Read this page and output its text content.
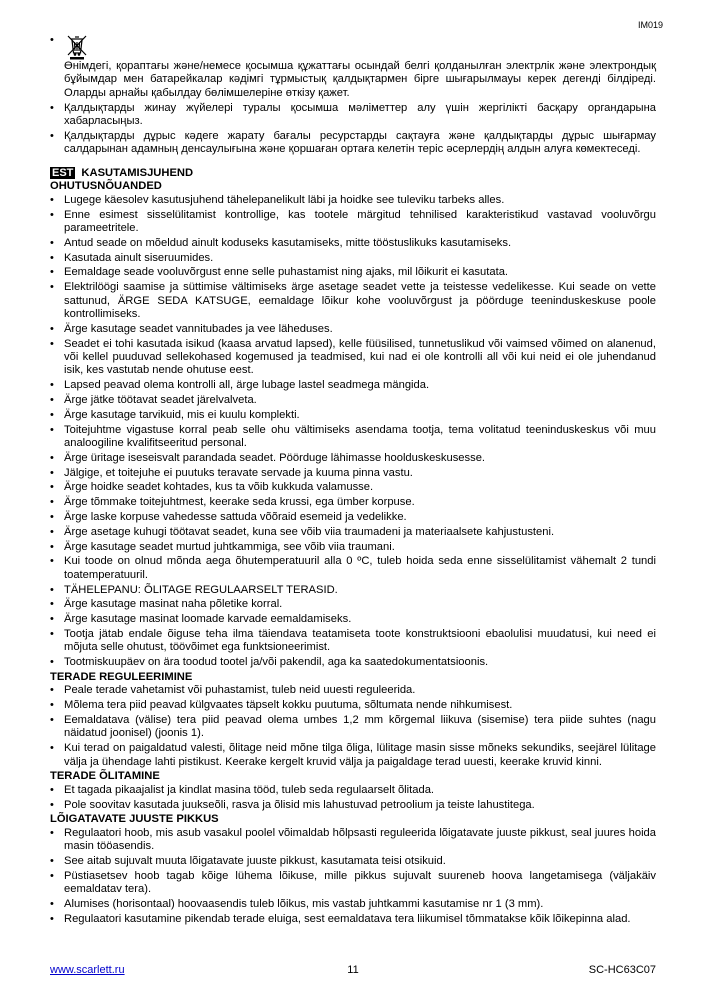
IM019
• Өнімдегі, қораптағы және/немесе қосымша құжаттағы осындай белгі қолданылған электрлік және электрондық бұйымдар мен батарейкалар кәдімгі тұрмыстық қалдықтармен бірге шығарылмауы керек дегенді білдіреді. Оларды арнайы қабылдау бөлімшелеріне өткізу қажет.
• Қалдықтарды жинау жүйелері туралы қосымша мәліметтер алу үшін жергілікті басқару органдарына хабарласыңыз.
• Қалдықтарды дұрыс кәдеге жарату бағалы ресурстарды сақтауға және қалдықтарды дұрыс шығармау салдарынан адамның денсаулығына және қоршаған ортаға келетін теріс әсерлердің алдын алуға көмектеседі.

EST KASUTAMISJUHEND

OHUTUSNÕUANDED

• Lugege käesolev kasutusjuhend tähelepanelikult läbi ja hoidke see tuleviku tarbeks alles.
• Enne esimest sisselülitamist kontrollige, kas tootele märgitud tehnilised karakteristikud vastavad vooluvõrgu parameetritele.
• Antud seade on mõeldud ainult koduseks kasutamiseks, mitte tööstuslikuks kasutamiseks.
• Kasutada ainult siseruumides.
• Eemaldage seade vooluvõrgust enne selle puhastamist ning ajaks, mil lõikurit ei kasutata.
• Elektrilöögi saamise ja süttimise vältimiseks ärge asetage seadet vette ja teistesse vedelikesse. Kui seade on vette sattunud, ÄRGE SEDA KATSUGE, eemaldage lõikur kohe vooluvõrgust ja pöörduge teeninduskeskuse poole kontrollimiseks.
• Ärge kasutage seadet vannitubades ja vee läheduses.
• Seadet ei tohi kasutada isikud (kaasa arvatud lapsed), kelle füüsilised, tunnetuslikud või vaimsed võimed on alanenud, või kellel puuduvad sellekohased kogemused ja teadmised, kui nad ei ole kontrolli all või kui neid ei ole juhendanud isik, kes vastutab nende ohutuse eest.
• Lapsed peavad olema kontrolli all, ärge lubage lastel seadmega mängida.
• Ärge jätke töötavat seadet järelvalveta.
• Ärge kasutage tarvikuid, mis ei kuulu komplekti.
• Toitejuhtme vigastuse korral peab selle ohu vältimiseks asendama tootja, tema volitatud teeninduskeskus või muu analoogiline kvalifitseeritud personal.
• Ärge üritage iseseisvalt parandada seadet. Pöörduge lähimasse hoolduskeskusesse.
• Jälgige, et toitejuhe ei puutuks teravate servade ja kuuma pinna vastu.
• Ärge hoidke seadet kohtades, kus ta võib kukkuda valamusse.
• Ärge tõmmake toitejuhtmest, keerake seda krussi, ega ümber korpuse.
• Ärge laske korpuse vahedesse sattuda võõraid esemeid ja vedelikke.
• Ärge asetage kuhugi töötavat seadet, kuna see võib viia traumadeni ja materiaalsete kahjustusteni.
• Ärge kasutage seadet murtud juhtkammiga, see võib viia traumani.
• Kui toode on olnud mõnda aega õhutemperatuuril alla 0 ºC, tuleb hoida seda enne sisselülitamist vähemalt 2 tundi toatemperatuuril.
• TÄHELEPANU: ÕLITAGE REGULAARSELT TERASID.
• Ärge kasutage masinat naha põletike korral.
• Ärge kasutage masinat loomade karvade eemaldamiseks.
• Tootja jätab endale õiguse teha ilma täiendava teatamiseta toote konstruktsiooni ebaolulisi muudatusi, kui need ei mõjuta selle ohutust, töövõimet ega funktsioneerimist.
• Tootmiskuupäev on ära toodud tootel ja/või pakendil, aga ka saatedokumentatsioonis.

TERADE REGULEERIMINE

• Peale terade vahetamist või puhastamist, tuleb neid uuesti reguleerida.
• Mõlema tera piid peavad külgvaates täpselt kokku puutuma, sõltumata nende nihkumisest.
• Eemaldatava (välise) tera piid peavad olema umbes 1,2 mm kõrgemal liikuva (sisemise) tera piide suhtes (nagu näidatud joonisel) (joonis 1).
• Kui terad on paigaldatud valesti, õlitage neid mõne tilga õliga, lülitage masin sisse mõneks sekundiks, seejärel lülitage välja ja ühendage lahti pistikust. Keerake kergelt kruvid välja ja paigaldage terad uuesti, keerake kruvid kinni.

TERADE ÕLITAMINE

• Et tagada pikaajalist ja kindlat masina tööd, tuleb seda regulaarselt õlitada.
• Pole soovitav kasutada juukseõli, rasva ja õlisid mis lahustuvad petroolium ja teiste lahustitega.

LÕIGATAVATE JUUSTE PIKKUS

• Regulaatori hoob, mis asub vasakul poolel võimaldab hõlpsasti reguleerida lõigatavate juuste pikkust, seal juures hoida masin tööasendis.
• See aitab sujuvalt muuta lõigatavate juuste pikkust, kasutamata teisi otsikuid.
• Püstiasetsev hoob tagab kõige lühema lõikuse, mille pikkus sujuvalt suureneb hoova langetamisega (väljakäiv eemaldatav tera).
• Alumises (horisontaal) hoovaasendis tuleb lõikus, mis vastab juhtkammi kasutamise nr 1 (3 mm).
• Regulaatori kasutamine pikendab terade eluiga, sest eemaldatava tera liikumisel tõmmatakse kõik lõikepinna alad.
11
www.scarlett.ru	SC-HC63C07
